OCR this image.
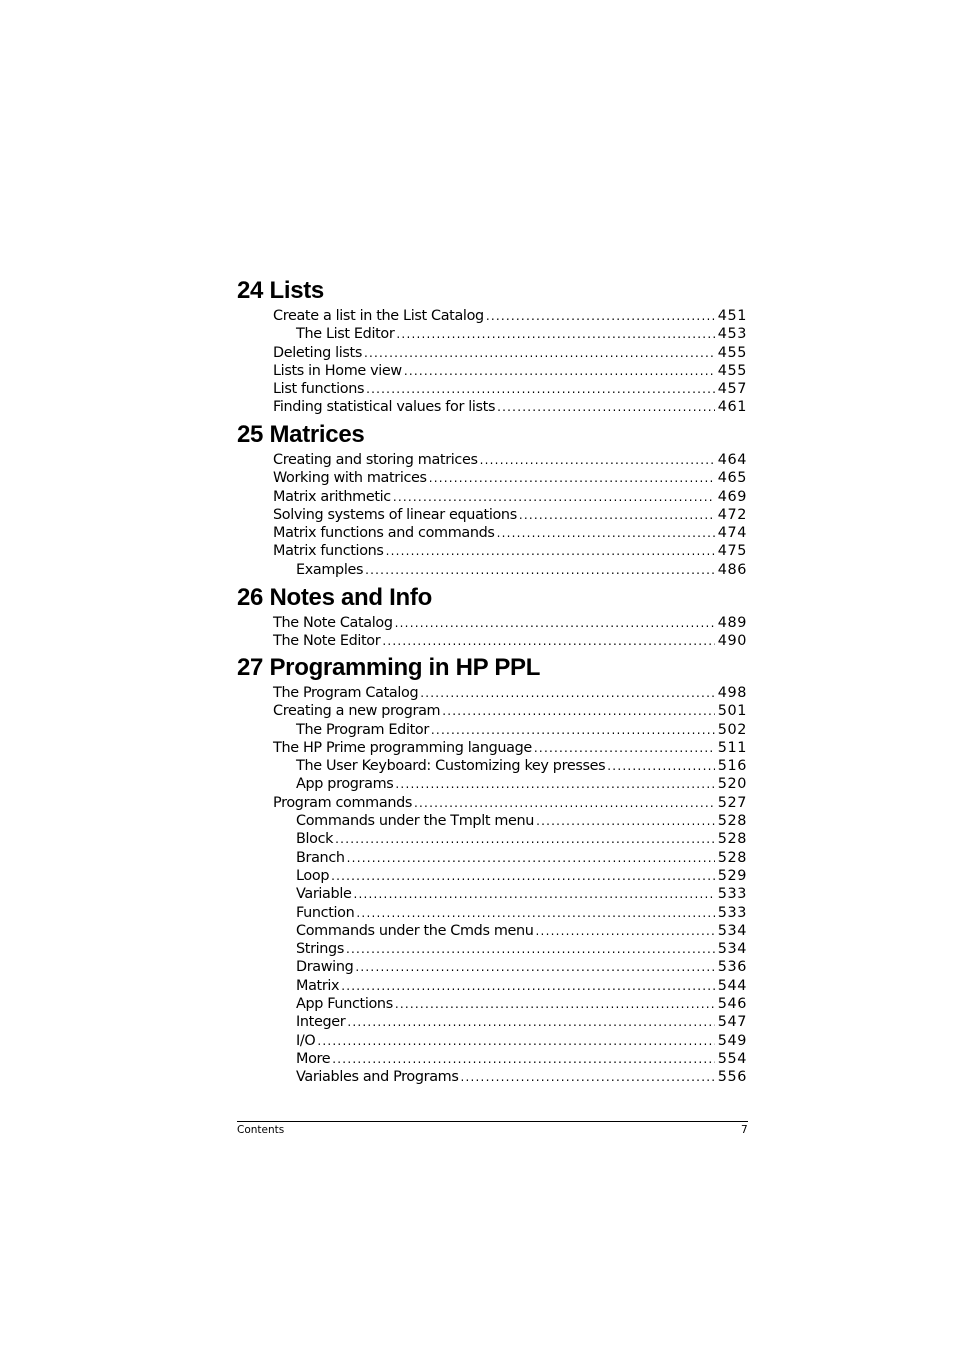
24 Lists
Create a list in the List Catalog .....	451
The List Editor .....	453
Deleting lists .....	455
Lists in Home view .....	455
List functions .....	457
Finding statistical values for lists .....	461
25 Matrices
Creating and storing matrices .....	464
Working with matrices .....	465
Matrix arithmetic .....	469
Solving systems of linear equations .....	472
Matrix functions and commands .....	474
Matrix functions .....	475
Examples .....	486
26 Notes and Info
The Note Catalog .....	489
The Note Editor .....	490
27 Programming in HP PPL
The Program Catalog .....	498
Creating a new program .....	501
The Program Editor .....	502
The HP Prime programming language .....	511
The User Keyboard: Customizing key presses .....	516
App programs .....	520
Program commands .....	527
Commands under the Tmplt menu .....	528
Block .....	528
Branch .....	528
Loop .....	529
Variable .....	533
Function .....	533
Commands under the Cmds menu .....	534
Strings .....	534
Drawing .....	536
Matrix .....	544
App Functions .....	546
Integer .....	547
I/O .....	549
More .....	554
Variables and Programs .....	556
Contents	7
